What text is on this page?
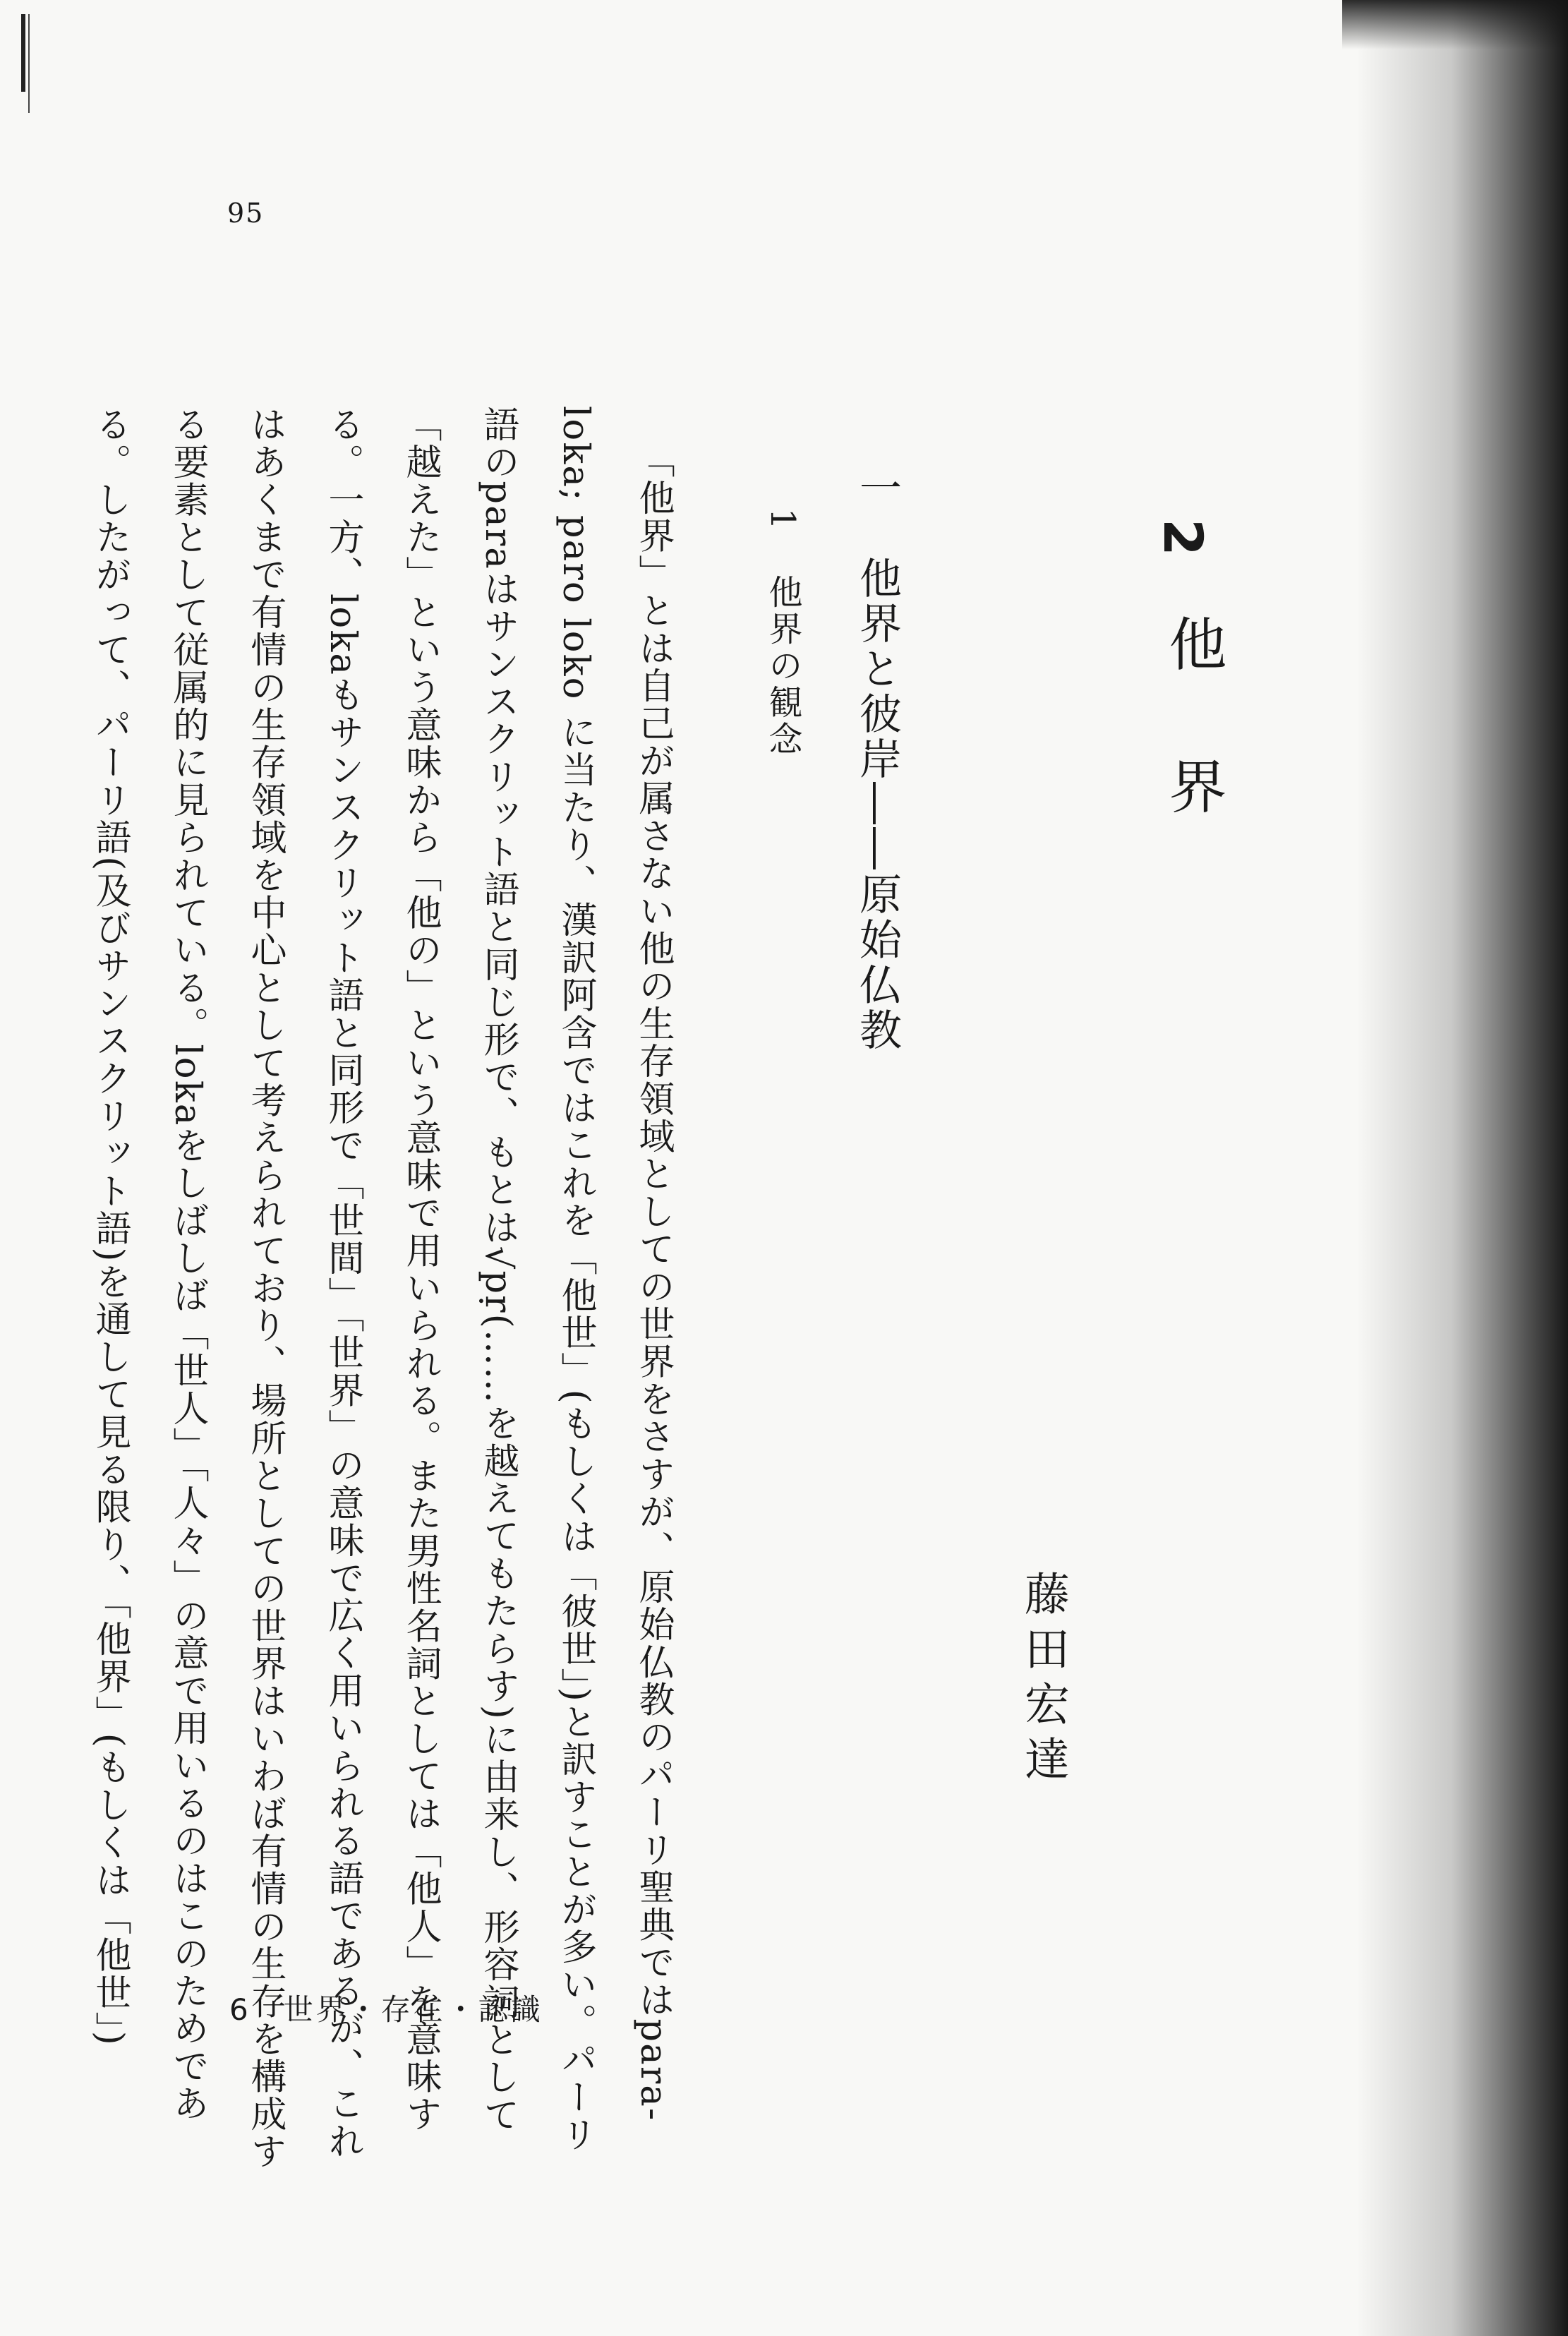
95
2
他界
藤田宏達
一　他界と彼岸――原始仏教
1 他界の観念

「他界」とは自己が属さない他の生存領域としての世界をさすが、原始仏教のパーリ聖典ではpara-loka; paro loko に当たり、漢訳阿含ではこれを「他世」(もしくは「彼世」)と訳すことが多い。パーリ語のparaはサンスクリット語と同じ形で、もとは√pṛ(……を越えてもたらす)に由来し、形容詞として「越えた」という意味から「他の」という意味で用いられる。また男性名詞としては「他人」を意味する。一方、lokaもサンスクリット語と同形で「世間」「世界」の意味で広く用いられる語であるが、これはあくまで有情の生存領域を中心として考えられており、場所としての世界はいわば有情の生存を構成する要素として従属的に見られている。lokaをしばしば「世人」「人々」の意で用いるのはこのためである。したがって、パーリ語(及びサンスクリット語)を通して見る限り、「他界」(もしくは「他世」)	6　世界・存在・認識
